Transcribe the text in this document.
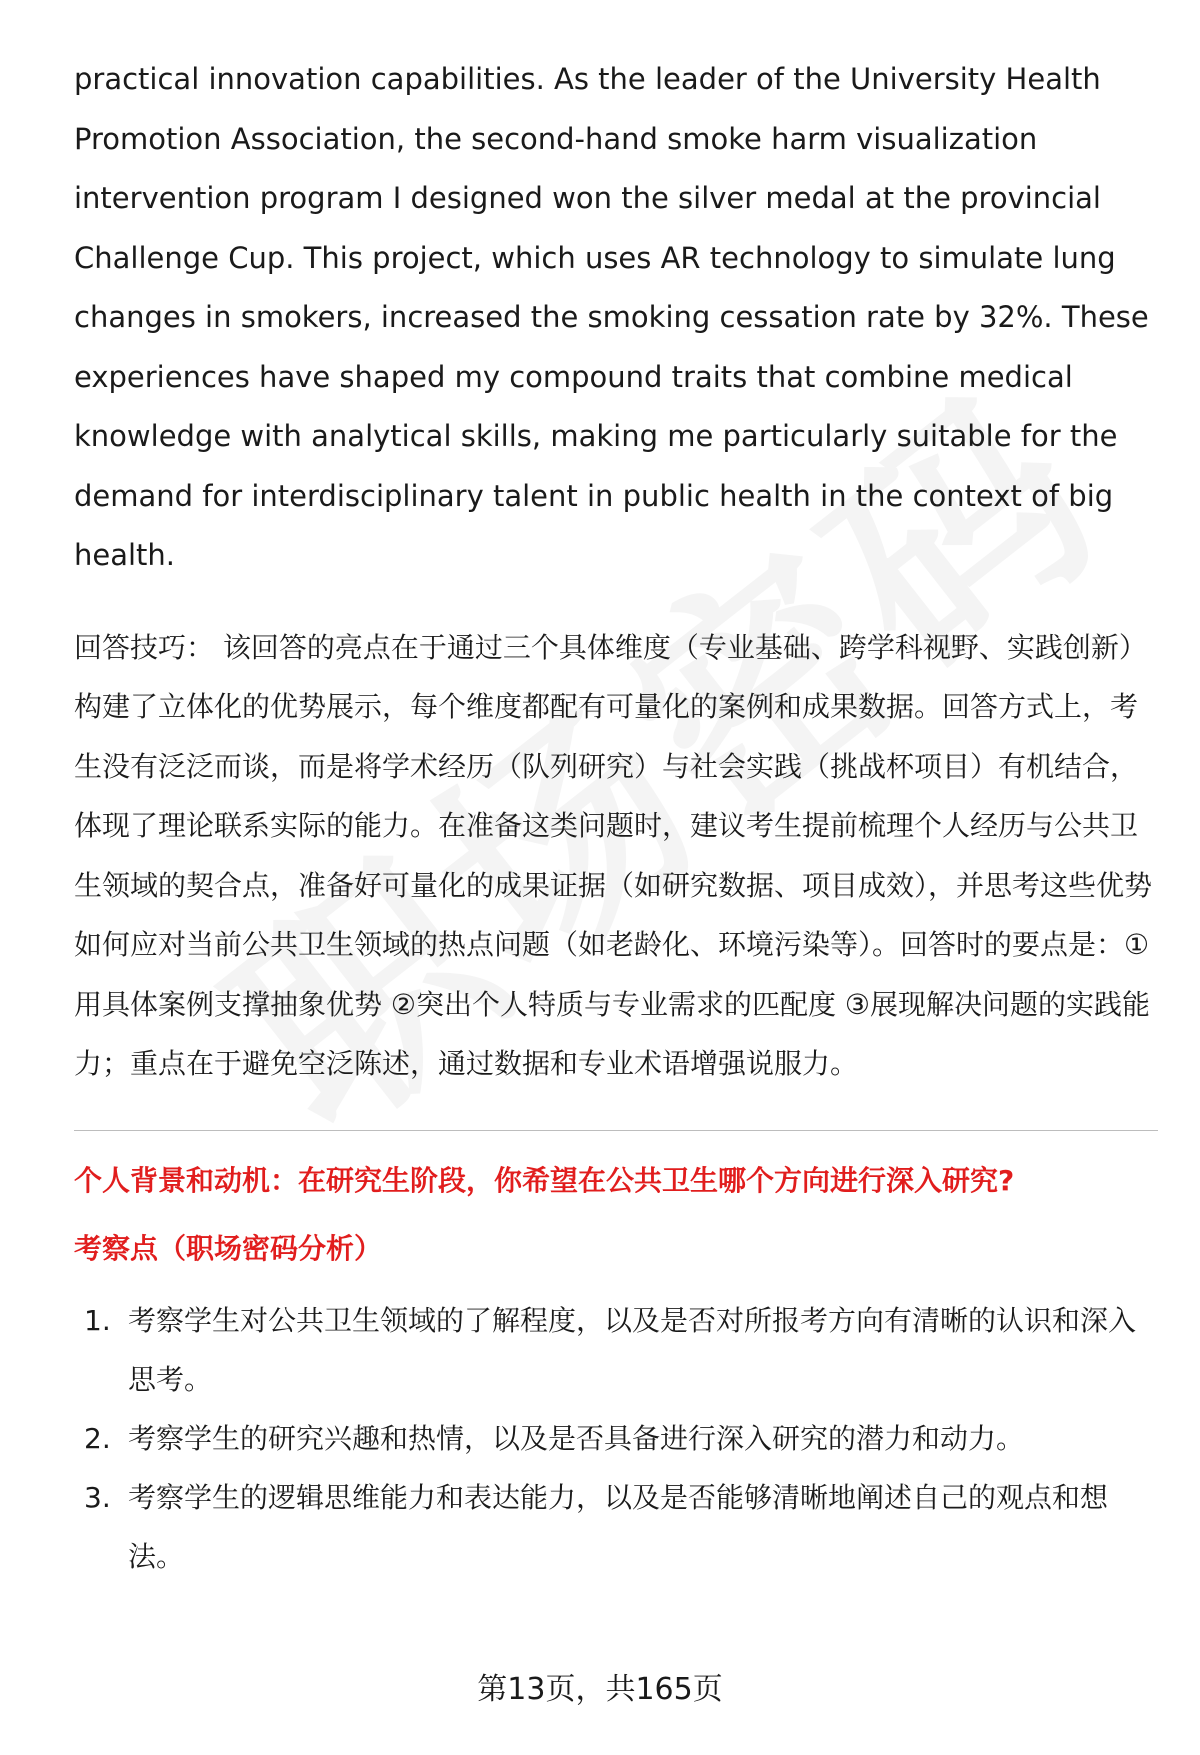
practical innovation capabilities. As the leader of the University Health Promotion Association, the second-hand smoke harm visualization intervention program I designed won the silver medal at the provincial Challenge Cup. This project, which uses AR technology to simulate lung changes in smokers, increased the smoking cessation rate by 32%. These experiences have shaped my compound traits that combine medical knowledge with analytical skills, making me particularly suitable for the demand for interdisciplinary talent in public health in the context of big health.

回答技巧： 该回答的亮点在于通过三个具体维度（专业基础、跨学科视野、实践创新）构建了立体化的优势展示，每个维度都配有可量化的案例和成果数据。回答方式上，考生没有泛泛而谈，而是将学术经历（队列研究）与社会实践（挑战杯项目）有机结合，体现了理论联系实际的能力。在准备这类问题时，建议考生提前梳理个人经历与公共卫生领域的契合点，准备好可量化的成果证据（如研究数据、项目成效），并思考这些优势如何应对当前公共卫生领域的热点问题（如老龄化、环境污染等）。回答时的要点是：①用具体案例支撑抽象优势 ②突出个人特质与专业需求的匹配度 ③展现解决问题的实践能力；重点在于避免空泛陈述，通过数据和专业术语增强说服力。

个人背景和动机：在研究生阶段，你希望在公共卫生哪个方向进行深入研究?
考察点（职场密码分析）
1. 考察学生对公共卫生领域的了解程度，以及是否对所报考方向有清晰的认识和深入思考。
2. 考察学生的研究兴趣和热情，以及是否具备进行深入研究的潜力和动力。
3. 考察学生的逻辑思维能力和表达能力，以及是否能够清晰地阐述自己的观点和想法。
第13页，共165页
